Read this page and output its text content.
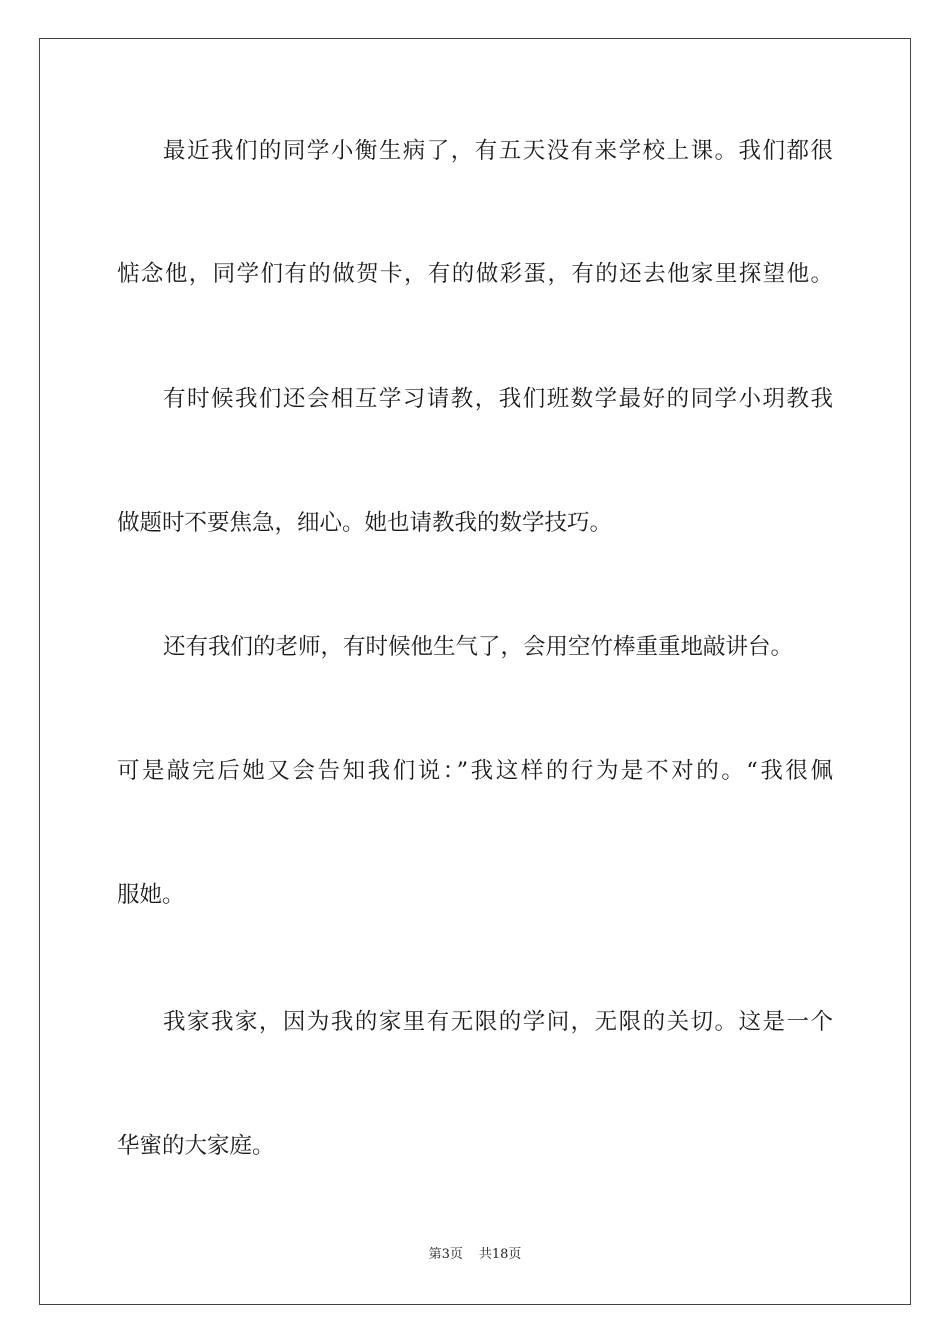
最近我们的同学小衡生病了，有五天没有来学校上课。我们都很
惦念他，同学们有的做贺卡，有的做彩蛋，有的还去他家里探望他。
有时候我们还会相互学习请教，我们班数学最好的同学小玥教我
做题时不要焦急，细心。她也请教我的数学技巧。
还有我们的老师，有时候他生气了，会用空竹棒重重地敲讲台。
可是敲完后她又会告知我们说：”我这样的行为是不对的。“我很佩
服她。
我家我家，因为我的家里有无限的学问，无限的关切。这是一个
华蜜的大家庭。
第3页 共18页
